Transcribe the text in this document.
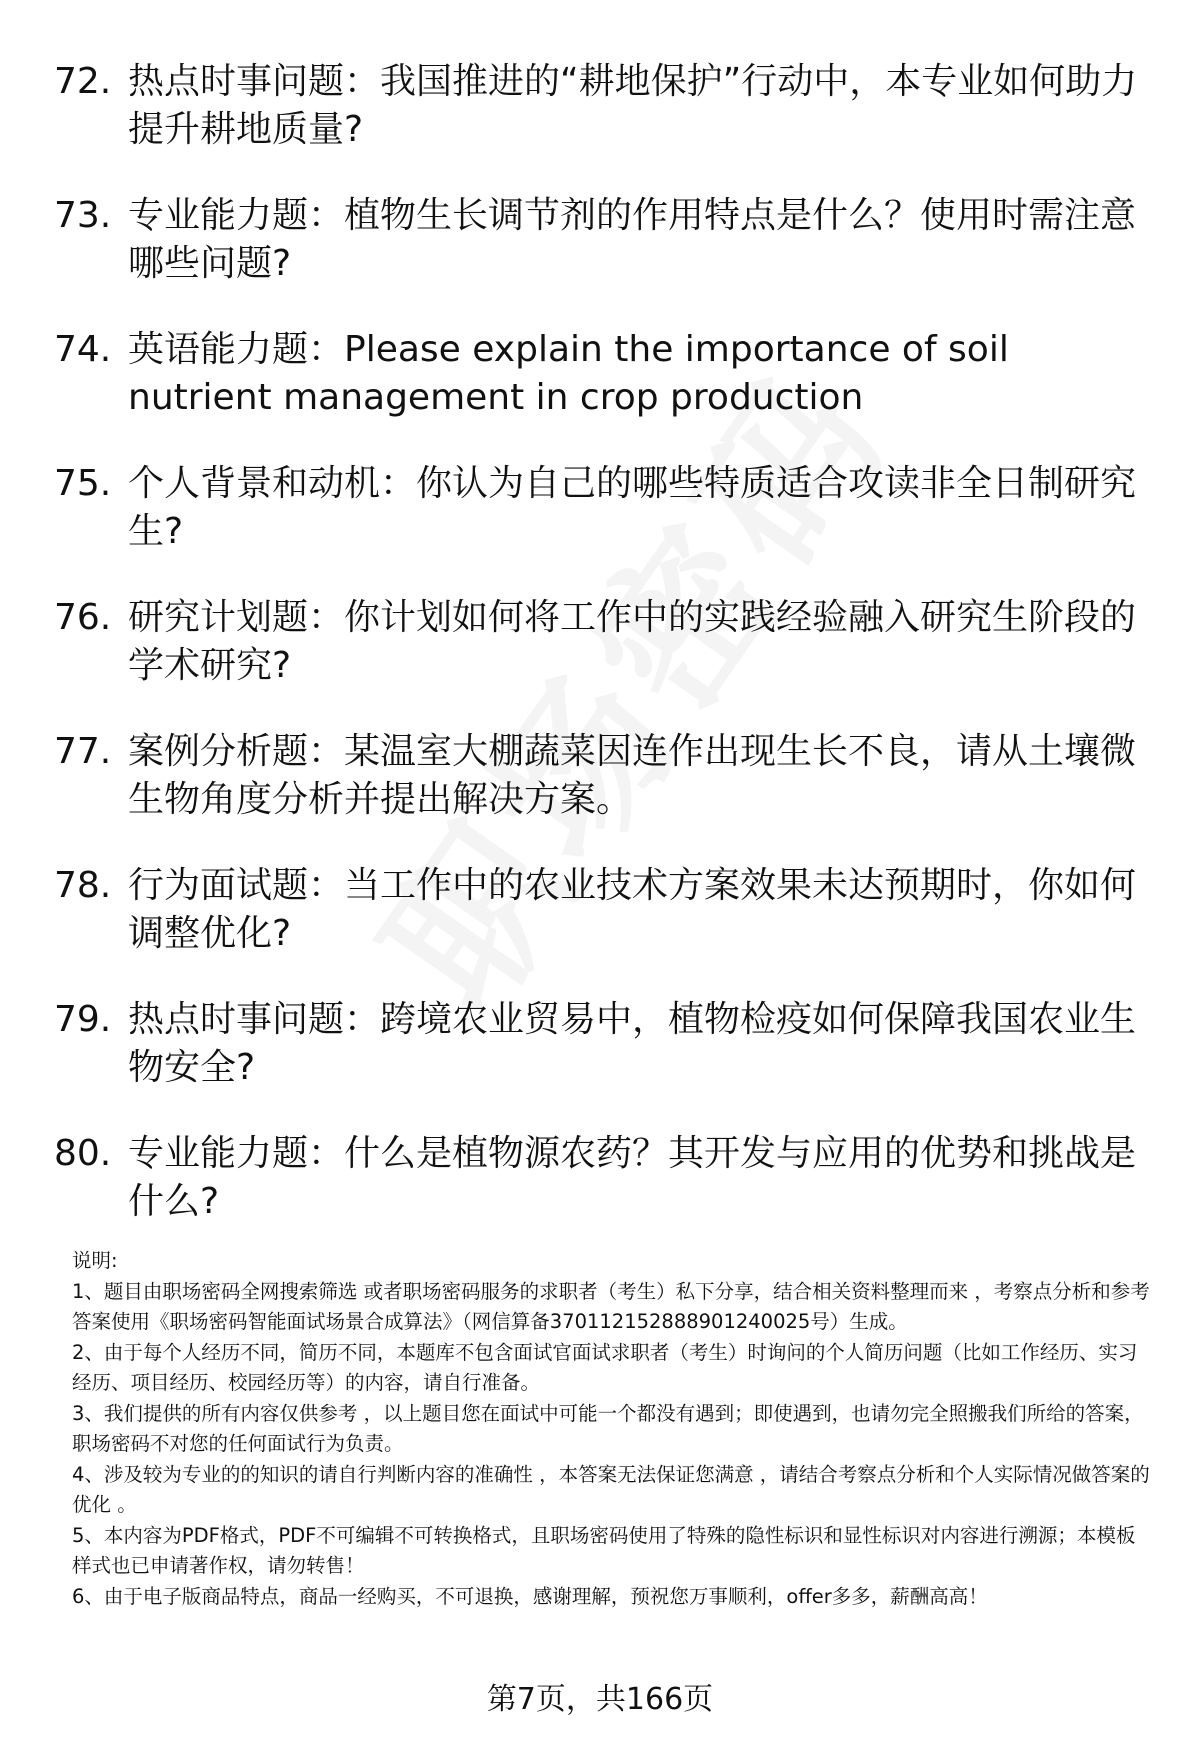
72. 热点时事问题：我国推进的“耕地保护”行动中，本专业如何助力提升耕地质量?
73. 专业能力题：植物生长调节剂的作用特点是什么？使用时需注意哪些问题?
74. 英语能力题：Please explain the importance of soil nutrient management in crop production
75. 个人背景和动机：你认为自己的哪些特质适合攻读非全日制研究生?
76. 研究计划题：你计划如何将工作中的实践经验融入研究生阶段的学术研究?
77. 案例分析题：某温室大棚蔬菜因连作出现生长不良，请从土壤微生物角度分析并提出解决方案。
78. 行为面试题：当工作中的农业技术方案效果未达预期时，你如何调整优化?
79. 热点时事问题：跨境农业贸易中，植物检疫如何保障我国农业生物安全?
80. 专业能力题：什么是植物源农药？其开发与应用的优势和挑战是什么?

说明:

1、题目由职场密码全网搜索筛选 或者职场密码服务的求职者（考生）私下分享，结合相关资料整理而来 ，考察点分析和参考答案使用《职场密码智能面试场景合成算法》（网信算备370112152888901240025号）生成。

2、由于每个人经历不同，简历不同，本题库不包含面试官面试求职者（考生）时询问的个人简历问题（比如工作经历、实习经历、项目经历、校园经历等）的内容，请自行准备。

3、我们提供的所有内容仅供参考 ，以上题目您在面试中可能一个都没有遇到；即使遇到，也请勿完全照搬我们所给的答案，职场密码不对您的任何面试行为负责。

4、涉及较为专业的的知识的请自行判断内容的准确性 ，本答案无法保证您满意 ，请结合考察点分析和个人实际情况做答案的优化 。

5、本内容为PDF格式，PDF不可编辑不可转换格式，且职场密码使用了特殊的隐性标识和显性标识对内容进行溯源；本模板样式也已申请著作权，请勿转售！

6、由于电子版商品特点，商品一经购买，不可退换，感谢理解，预祝您万事顺利，offer多多，薪酬高高！

第7页，共166页
